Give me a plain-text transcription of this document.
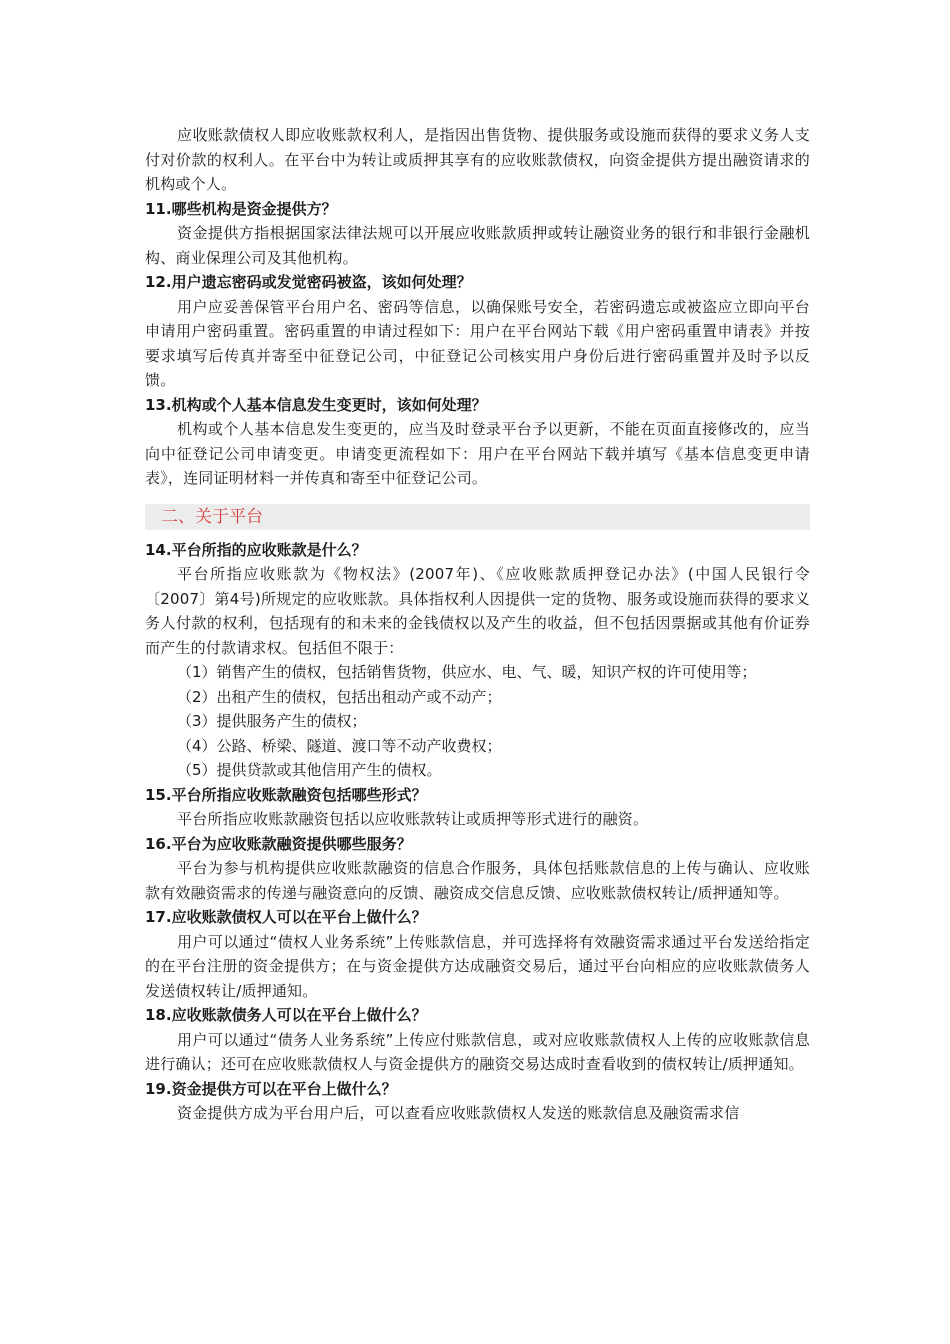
应收账款债权人即应收账款权利人，是指因出售货物、提供服务或设施而获得的要求义务人支付对价款的权利人。在平台中为转让或质押其享有的应收账款债权，向资金提供方提出融资请求的机构或个人。

11.哪些机构是资金提供方？

资金提供方指根据国家法律法规可以开展应收账款质押或转让融资业务的银行和非银行金融机构、商业保理公司及其他机构。

12.用户遗忘密码或发觉密码被盗，该如何处理？

用户应妥善保管平台用户名、密码等信息，以确保账号安全，若密码遗忘或被盗应立即向平台申请用户密码重置。密码重置的申请过程如下：用户在平台网站下载《用户密码重置申请表》并按要求填写后传真并寄至中征登记公司，中征登记公司核实用户身份后进行密码重置并及时予以反馈。

13.机构或个人基本信息发生变更时，该如何处理？

机构或个人基本信息发生变更的，应当及时登录平台予以更新，不能在页面直接修改的，应当向中征登记公司申请变更。申请变更流程如下：用户在平台网站下载并填写《基本信息变更申请表》，连同证明材料一并传真和寄至中征登记公司。

二、关于平台

14.平台所指的应收账款是什么？

平台所指应收账款为《物权法》(2007年)、《应收账款质押登记办法》(中国人民银行令〔2007〕第4号)所规定的应收账款。具体指权利人因提供一定的货物、服务或设施而获得的要求义务人付款的权利，包括现有的和未来的金钱债权以及产生的收益，但不包括因票据或其他有价证券而产生的付款请求权。包括但不限于：

（1）销售产生的债权，包括销售货物，供应水、电、气、暖，知识产权的许可使用等；

（2）出租产生的债权，包括出租动产或不动产；

（3）提供服务产生的债权；

（4）公路、桥梁、隧道、渡口等不动产收费权；

（5）提供贷款或其他信用产生的债权。

15.平台所指应收账款融资包括哪些形式？

平台所指应收账款融资包括以应收账款转让或质押等形式进行的融资。

16.平台为应收账款融资提供哪些服务？

平台为参与机构提供应收账款融资的信息合作服务，具体包括账款信息的上传与确认、应收账款有效融资需求的传递与融资意向的反馈、融资成交信息反馈、应收账款债权转让/质押通知等。

17.应收账款债权人可以在平台上做什么？

用户可以通过“债权人业务系统”上传账款信息，并可选择将有效融资需求通过平台发送给指定的在平台注册的资金提供方；在与资金提供方达成融资交易后，通过平台向相应的应收账款债务人发送债权转让/质押通知。

18.应收账款债务人可以在平台上做什么？

用户可以通过“债务人业务系统”上传应付账款信息，或对应收账款债权人上传的应收账款信息进行确认；还可在应收账款债权人与资金提供方的融资交易达成时查看收到的债权转让/质押通知。

19.资金提供方可以在平台上做什么？

资金提供方成为平台用户后，可以查看应收账款债权人发送的账款信息及融资需求信
